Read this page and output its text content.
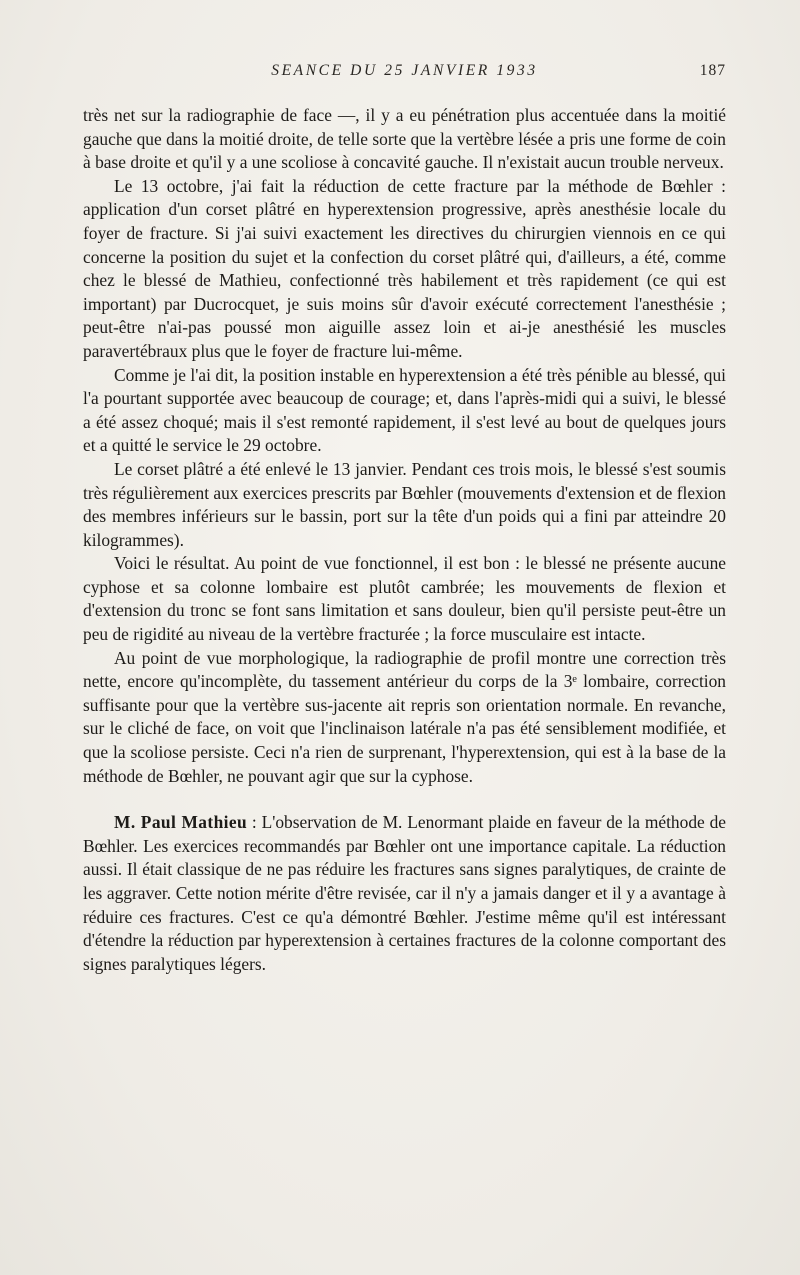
SEANCE DU 25 JANVIER 1933	187

très net sur la radiographie de face —, il y a eu pénétration plus accentuée dans la moitié gauche que dans la moitié droite, de telle sorte que la vertèbre lésée a pris une forme de coin à base droite et qu'il y a une scoliose à concavité gauche. Il n'existait aucun trouble nerveux.

Le 13 octobre, j'ai fait la réduction de cette fracture par la méthode de Bœhler : application d'un corset plâtré en hyperextension progressive, après anesthésie locale du foyer de fracture. Si j'ai suivi exactement les directives du chirurgien viennois en ce qui concerne la position du sujet et la confection du corset plâtré qui, d'ailleurs, a été, comme chez le blessé de Mathieu, confectionné très habilement et très rapidement (ce qui est important) par Ducrocquet, je suis moins sûr d'avoir exécuté correctement l'anesthésie ; peut-être n'ai-pas poussé mon aiguille assez loin et ai-je anesthésié les muscles paravertébraux plus que le foyer de fracture lui-même.

Comme je l'ai dit, la position instable en hyperextension a été très pénible au blessé, qui l'a pourtant supportée avec beaucoup de courage; et, dans l'après-midi qui a suivi, le blessé a été assez choqué; mais il s'est remonté rapidement, il s'est levé au bout de quelques jours et a quitté le service le 29 octobre.

Le corset plâtré a été enlevé le 13 janvier. Pendant ces trois mois, le blessé s'est soumis très régulièrement aux exercices prescrits par Bœhler (mouvements d'extension et de flexion des membres inférieurs sur le bassin, port sur la tête d'un poids qui a fini par atteindre 20 kilogrammes).

Voici le résultat. Au point de vue fonctionnel, il est bon : le blessé ne présente aucune cyphose et sa colonne lombaire est plutôt cambrée; les mouvements de flexion et d'extension du tronc se font sans limitation et sans douleur, bien qu'il persiste peut-être un peu de rigidité au niveau de la vertèbre fracturée ; la force musculaire est intacte.

Au point de vue morphologique, la radiographie de profil montre une correction très nette, encore qu'incomplète, du tassement antérieur du corps de la 3ᵉ lombaire, correction suffisante pour que la vertèbre sus-jacente ait repris son orientation normale. En revanche, sur le cliché de face, on voit que l'inclinaison latérale n'a pas été sensiblement modifiée, et que la scoliose persiste. Ceci n'a rien de surprenant, l'hyperextension, qui est à la base de la méthode de Bœhler, ne pouvant agir que sur la cyphose.

M. Paul Mathieu : L'observation de M. Lenormant plaide en faveur de la méthode de Bœhler. Les exercices recommandés par Bœhler ont une importance capitale. La réduction aussi. Il était classique de ne pas réduire les fractures sans signes paralytiques, de crainte de les aggraver. Cette notion mérite d'être revisée, car il n'y a jamais danger et il y a avantage à réduire ces fractures. C'est ce qu'a démontré Bœhler. J'estime même qu'il est intéressant d'étendre la réduction par hyperextension à certaines fractures de la colonne comportant des signes paralytiques légers.
